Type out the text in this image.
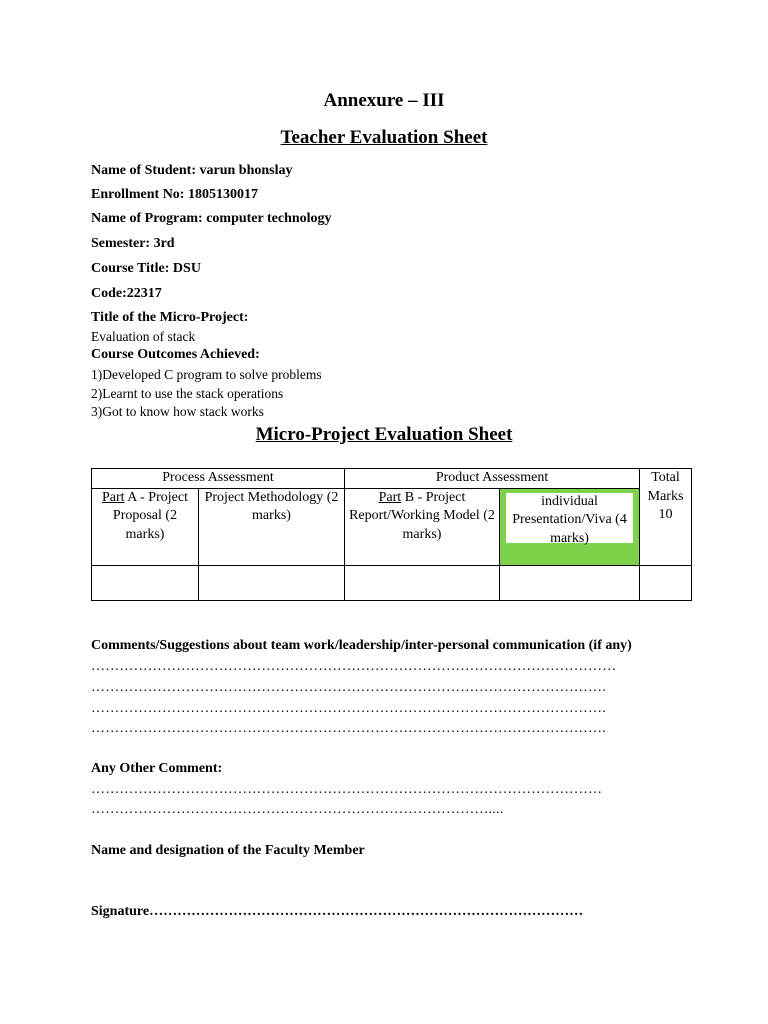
Annexure – III
Teacher Evaluation Sheet
Name of Student: varun bhonslay
Enrollment No: 1805130017
Name of Program: computer technology
Semester: 3rd
Course Title: DSU
Code:22317
Title of the Micro-Project:
Evaluation of stack
Course Outcomes Achieved:
1)Developed C program to solve problems
2)Learnt to use the stack operations
3)Got to know how stack works
Micro-Project Evaluation Sheet
Process Assessment		Product Assessment		Total Marks 10
Part A - Project Proposal (2 marks)	Project Methodology (2 marks)	Part B - Project Report/Working Model (2 marks)	individual Presentation/Viva (4 marks)	

Comments/Suggestions about team work/leadership/inter-personal communication (if any)
…………………………………………………………………………………………………
……………………………………………………………………………………………….
……………………………………………………………………………………………….
……………………………………………………………………………………………….
Any Other Comment:
………………………………………………………………………………………………
…………………………………………………………………………....
Name and designation of the Faculty Member
Signature…………………………………………………………………………………
